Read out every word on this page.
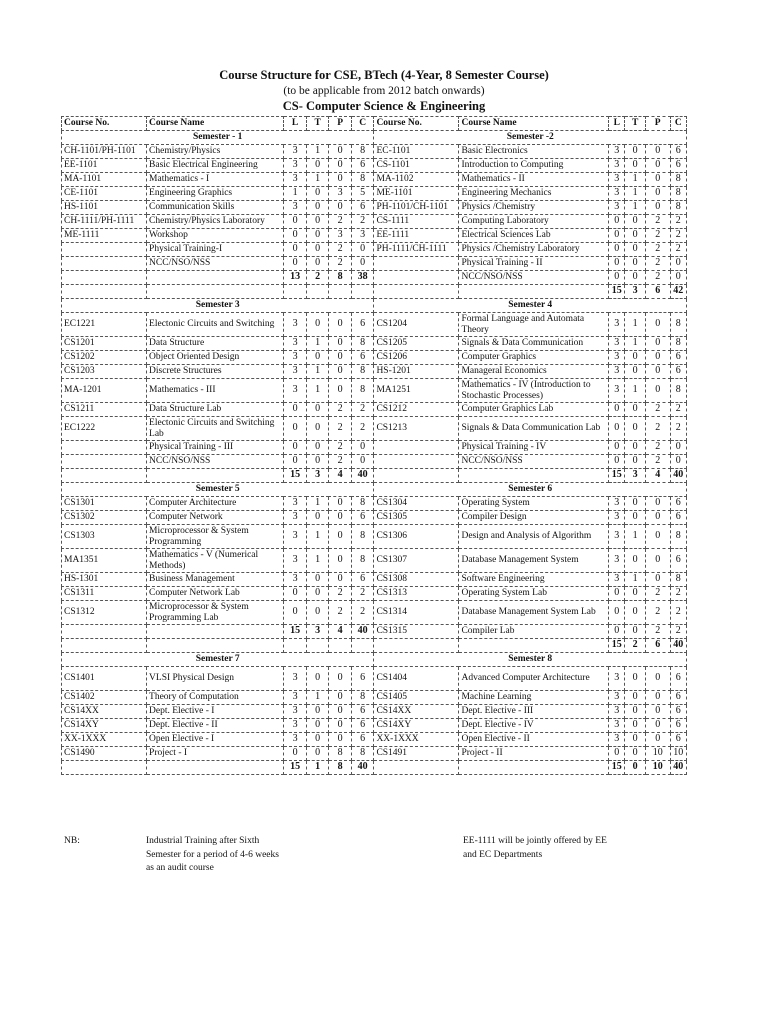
Course Structure for CSE, BTech (4-Year, 8 Semester Course)
(to be applicable from 2012 batch onwards)
CS- Computer Science & Engineering
Course No.	Course Name	L	T	P	C	Course No.	Course Name	L	T	P	C
Semester - 1						Semester -2					
CH-1101/PH-1101	Chemistry/Physics	3	1	0	8	EC-1101	Basic Electronics	3	0	0	6
EE-1101	Basic Electrical Engineering	3	0	0	6	CS-1101	Introduction to Computing	3	0	0	6
MA-1101	Mathematics - I	3	1	0	8	MA-1102	Mathematics - II	3	1	0	8
CE-1101	Engineering Graphics	1	0	3	5	ME-1101	Engineering Mechanics	3	1	0	8
HS-1101	Communication Skills	3	0	0	6	PH-1101/CH-1101	Physics /Chemistry	3	1	0	8
CH-1111/PH-1111	Chemistry/Physics Laboratory	0	0	2	2	CS-1111	Computing Laboratory	0	0	2	2
ME-1111	Workshop	0	0	3	3	EE-1111	Electrical Sciences Lab	0	0	2	2
	Physical Training-I	0	0	2	0	PH-1111/CH-1111	Physics /Chemistry Laboratory	0	0	2	2
	NCC/NSO/NSS	0	0	2	0		Physical Training - II	0	0	2	0
		13	2	8	38		NCC/NSO/NSS	0	0	2	0
								15	3	6	42
Semester 3						Semester 4					
EC1221	Electonic Circuits and Switching	3	0	0	6	CS1204	Formal Language and Automata Theory	3	1	0	8
CS1201	Data Structure	3	1	0	8	CS1205	Signals & Data Communication	3	1	0	8
CS1202	Object Oriented Design	3	0	0	6	CS1206	Computer Graphics	3	0	0	6
CS1203	Discrete Structures	3	1	0	8	HS-1201	Manageral Economics	3	0	0	6
MA-1201	Mathematics - III	3	1	0	8	MA1251	Mathematics - IV (Introduction to Stochastic Processes)	3	1	0	8
CS1211	Data Structure Lab	0	0	2	2	CS1212	Computer Graphics Lab	0	0	2	2
EC1222	Electonic Circuits and Switching Lab	0	0	2	2	CS1213	Signals & Data Communication Lab	0	0	2	2
	Physical Training - III	0	0	2	0		Physical Training - IV	0	0	2	0
	NCC/NSO/NSS	0	0	2	0		NCC/NSO/NSS	0	0	2	0
		15	3	4	40			15	3	4	40
Semester 5						Semester 6					
CS1301	Computer Architecture	3	1	0	8	CS1304	Operating System	3	0	0	6
CS1302	Computer Network	3	0	0	6	CS1305	Compiler Design	3	0	0	6
CS1303	Microprocessor & System Programming	3	1	0	8	CS1306	Design and Analysis of Algorithm	3	1	0	8
MA1351	Mathematics - V (Numerical Methods)	3	1	0	8	CS1307	Database Management System	3	0	0	6
HS-1301	Business Management	3	0	0	6	CS1308	Software Engineering	3	1	0	8
CS1311	Computer Network Lab	0	0	2	2	CS1313	Operating System Lab	0	0	2	2
CS1312	Microprocessor & System Programming Lab	0	0	2	2	CS1314	Database Management System Lab	0	0	2	2
		15	3	4	40	CS1315	Compiler Lab	0	0	2	2
								15	2	6	40
Semester 7						Semester 8					
CS1401	VLSI Physical Design	3	0	0	6	CS1404	Advanced Computer Architecture	3	0	0	6
CS1402	Theory of Computation	3	1	0	8	CS1405	Machine Learning	3	0	0	6
CS14XX	Dept. Elective - I	3	0	0	6	CS14XX	Dept. Elective - III	3	0	0	6
CS14XY	Dept. Elective - II	3	0	0	6	CS14XY	Dept. Elective - IV	3	0	0	6
XX-1XXX	Open Elective - I	3	0	0	6	XX-1XXX	Open Elective - II	3	0	0	6
CS1490	Project - I	0	0	8	8	CS1491	Project - II	0	0	10	10
		15	1	8	40			15	0	10	40
NB:	Industrial Training after Sixth Semester for a period of 4-6 weeks as an audit course
EE-1111 will be jointly offered by EE and EC Departments
